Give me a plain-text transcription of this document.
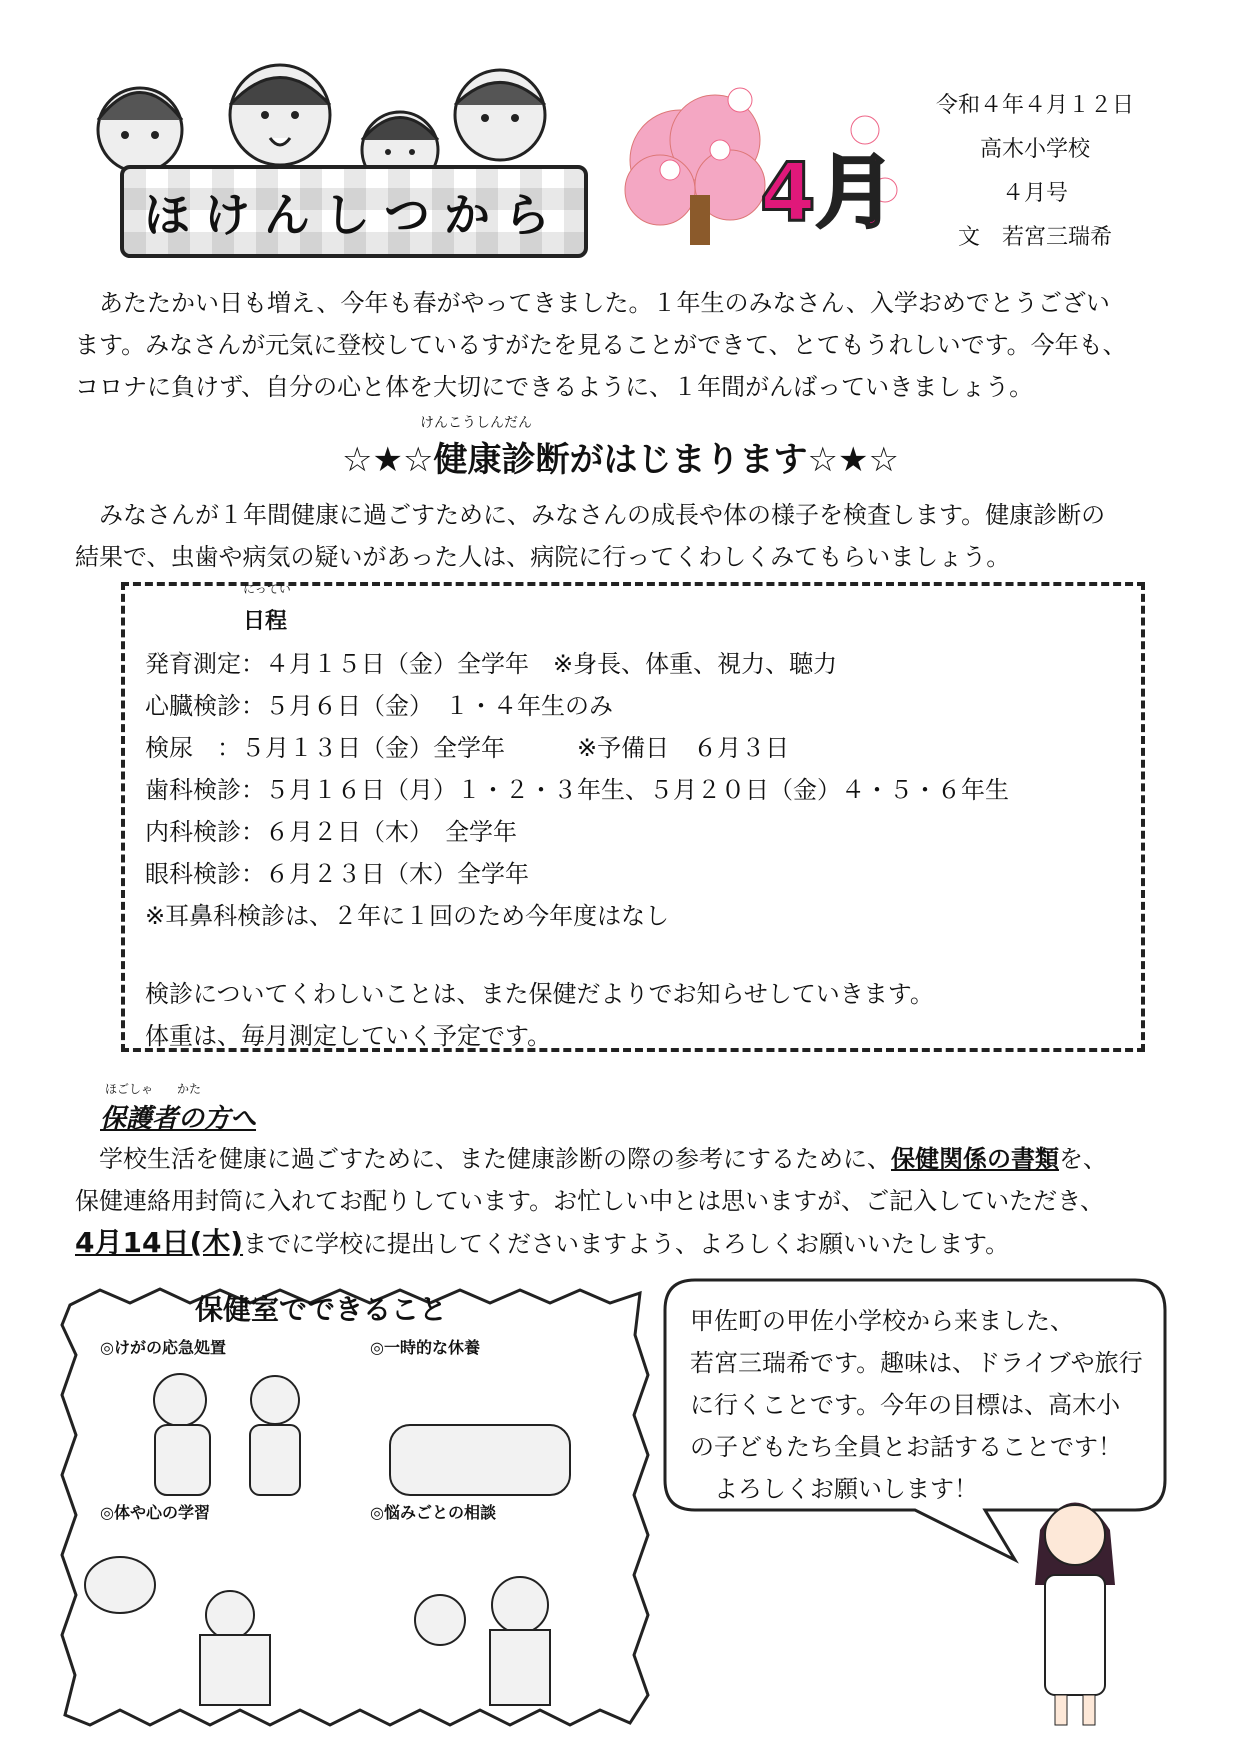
ほけんしつから 4月
令和４年４月１２日
高木小学校
４月号
文　若宮三瑞希

あたたかい日も増え、今年も春がやってきました。１年生のみなさん、入学おめでとうござい

ます。みなさんが元気に登校しているすがたを見ることができて、とてもうれしいです。今年も、
コロナに負けず、自分の心と体を大切にできるように、１年間がんばっていきましょう。
けんこうしんだん
☆★☆健康診断がはじまります☆★☆

みなさんが１年間健康に過ごすために、みなさんの成長や体の様子を検査します。健康診断の

結果で、虫歯や病気の疑いがあった人は、病院に行ってくわしくみてもらいましょう。
にってい
日程
発育測定：４月１５日（金）全学年　※身長、体重、視力、聴力
心臓検診：５月６日（金）　１・４年生のみ
検尿　：５月１３日（金）全学年　　　※予備日　６月３日
歯科検診：５月１６日（月）１・２・３年生、５月２０日（金）４・５・６年生
内科検診：６月２日（木）　全学年
眼科検診：６月２３日（木）全学年
※耳鼻科検診は、２年に１回のため今年度はなし
検診についてくわしいことは、また保健だよりでお知らせしていきます。
体重は、毎月測定していく予定です。
ほごしゃ　　かた
保護者の方へ

学校生活を健康に過ごすために、また健康診断の際の参考にするために、保健関係の書類を、

保健連絡用封筒に入れてお配りしています。お忙しい中とは思いますが、ご記入していただき、
4月14日(木)までに学校に提出してくださいますよう、よろしくお願いいたします。
保健室でできること
◎けがの応急処置	◎一時的な休養
◎体や心の学習	◎悩みごとの相談
甲佐町の甲佐小学校から来ました、
若宮三瑞希です。趣味は、ドライブや旅行
に行くことです。今年の目標は、高木小
の子どもたち全員とお話することです！
　よろしくお願いします！
